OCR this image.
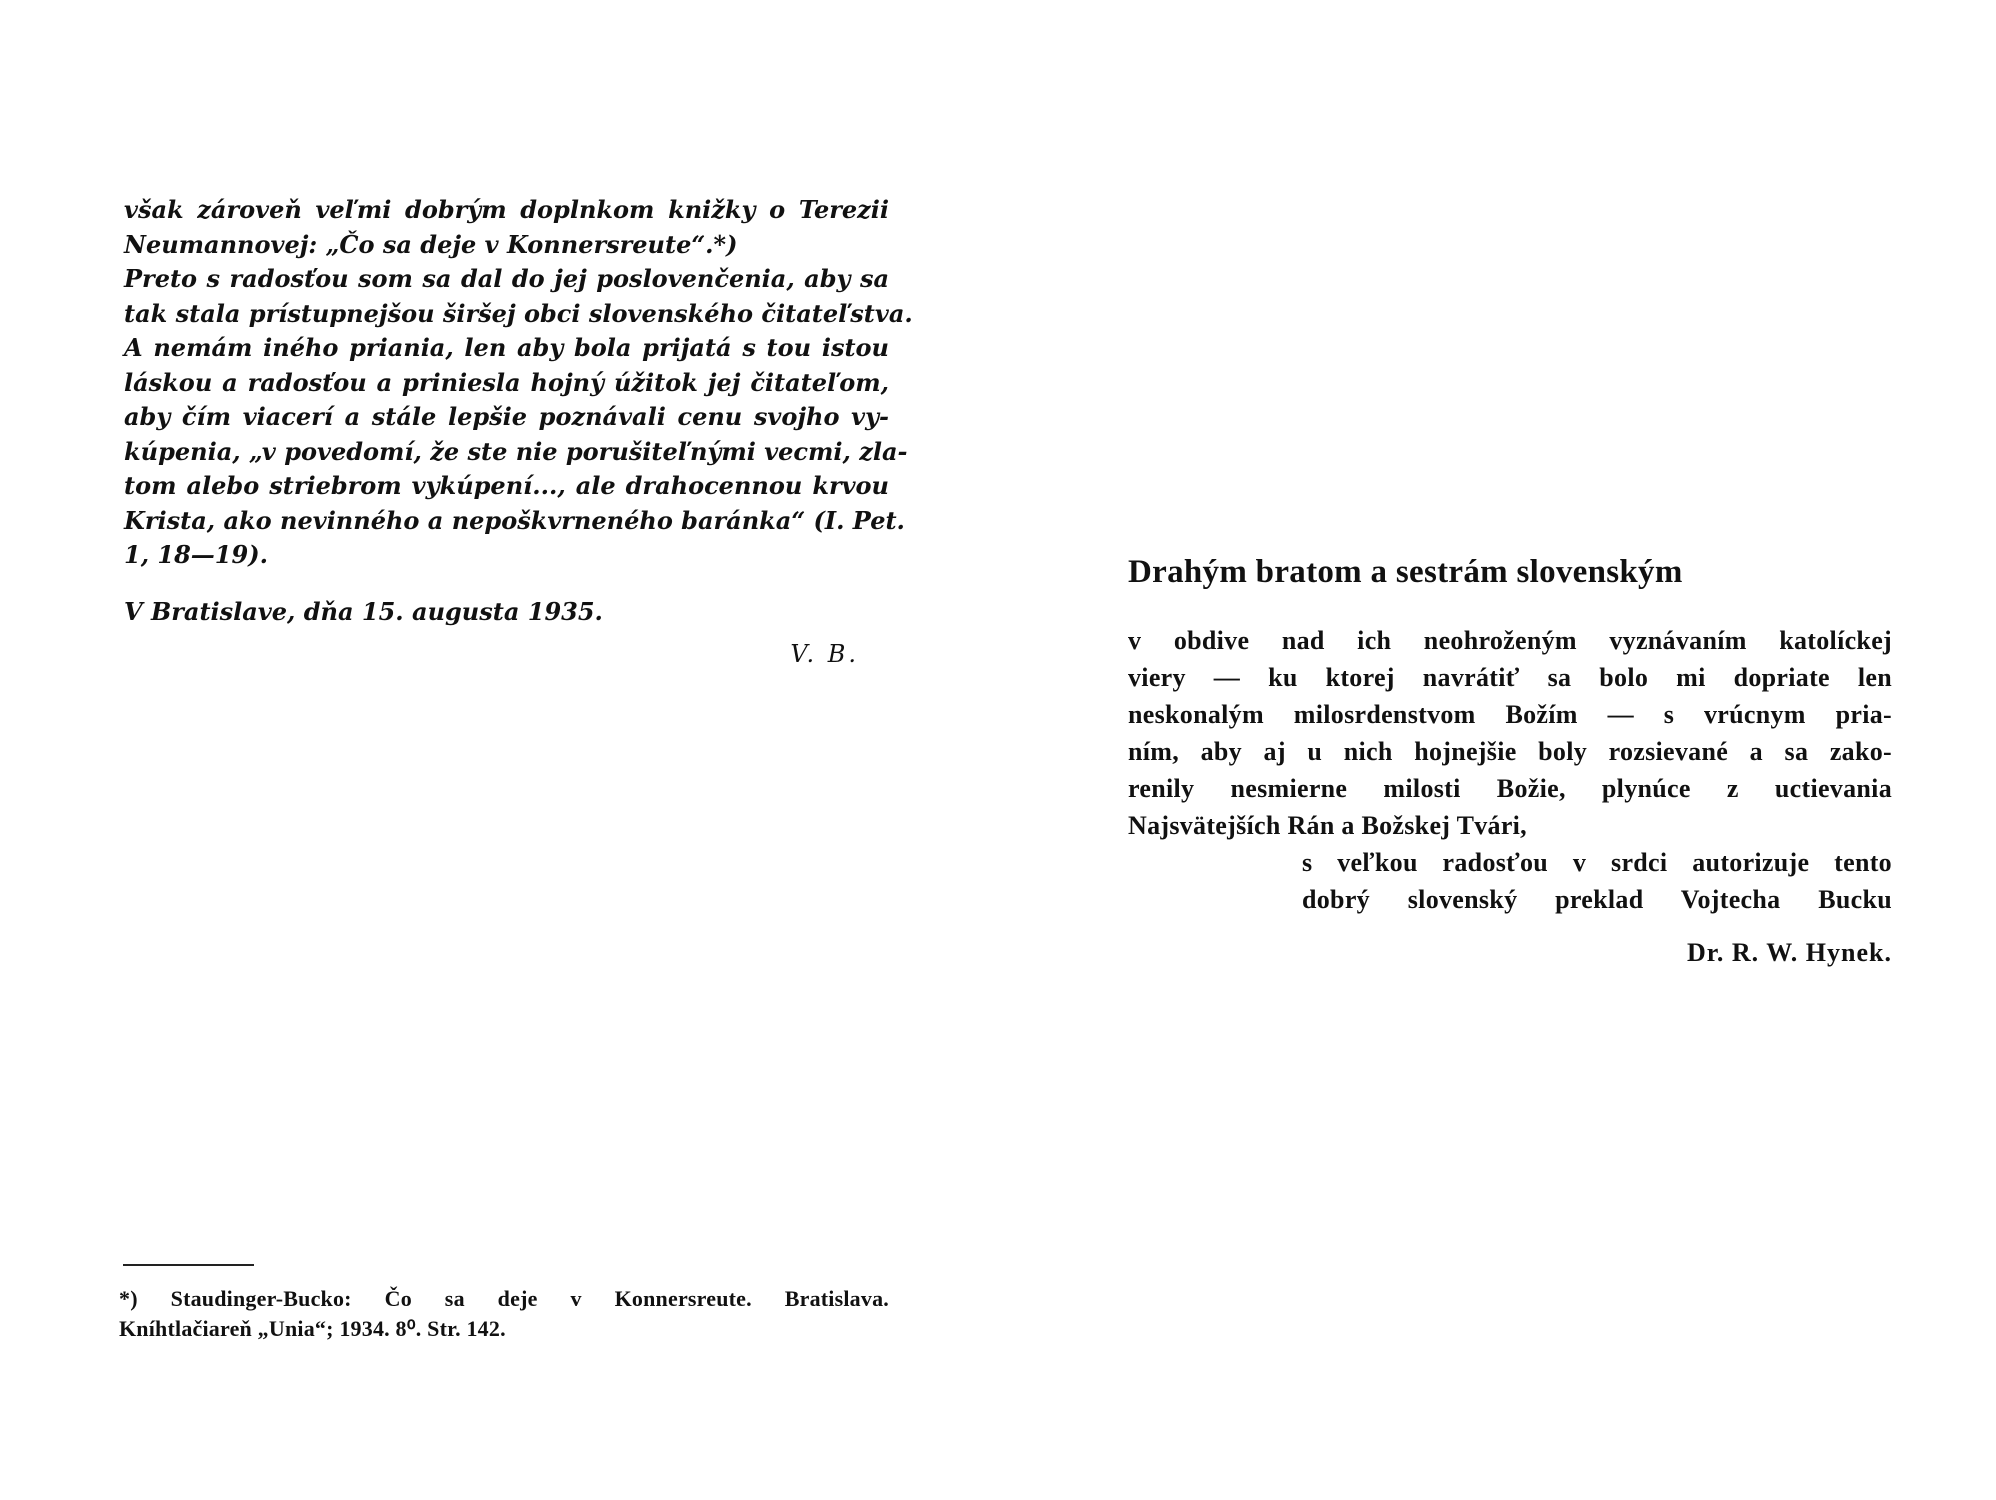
však zároveň veľmi dobrým doplnkom knižky o Terezii
Neumannovej: „Čo sa deje v Konnersreute“.*)
Preto s radosťou som sa dal do jej poslovenčenia, aby sa
tak stala prístupnejšou širšej obci slovenského čitateľstva.
A nemám iného priania, len aby bola prijatá s tou istou
láskou a radosťou a priniesla hojný úžitok jej čitateľom,
aby čím viacerí a stále lepšie poznávali cenu svojho vy-
kúpenia, „v povedomí, že ste nie porušiteľnými vecmi, zla-
tom alebo striebrom vykúpení..., ale drahocennou krvou
Krista, ako nevinného a nepoškvrneného baránka“ (I. Pet.
1, 18—19).
V Bratislave, dňa 15. augusta 1935.
V. B.
*) Staudinger-Bucko: Čo sa deje v Konnersreute. Bratislava.
Kníhtlačiareň „Unia“; 1934. 8⁰. Str. 142.
Drahým bratom a sestrám slovenským
v obdive nad ich neohroženým vyznávaním katolíckej
viery — ku ktorej navrátiť sa bolo mi dopriate len
neskonalým milosrdenstvom Božím — s vrúcnym pria-
ním, aby aj u nich hojnejšie boly rozsievané a sa zako-
renily nesmierne milosti Božie, plynúce z uctievania
Najsvätejších Rán a Božskej Tvári,
s veľkou radosťou v srdci autorizuje tento
dobrý slovenský preklad Vojtecha Bucku
Dr. R. W. Hynek.
